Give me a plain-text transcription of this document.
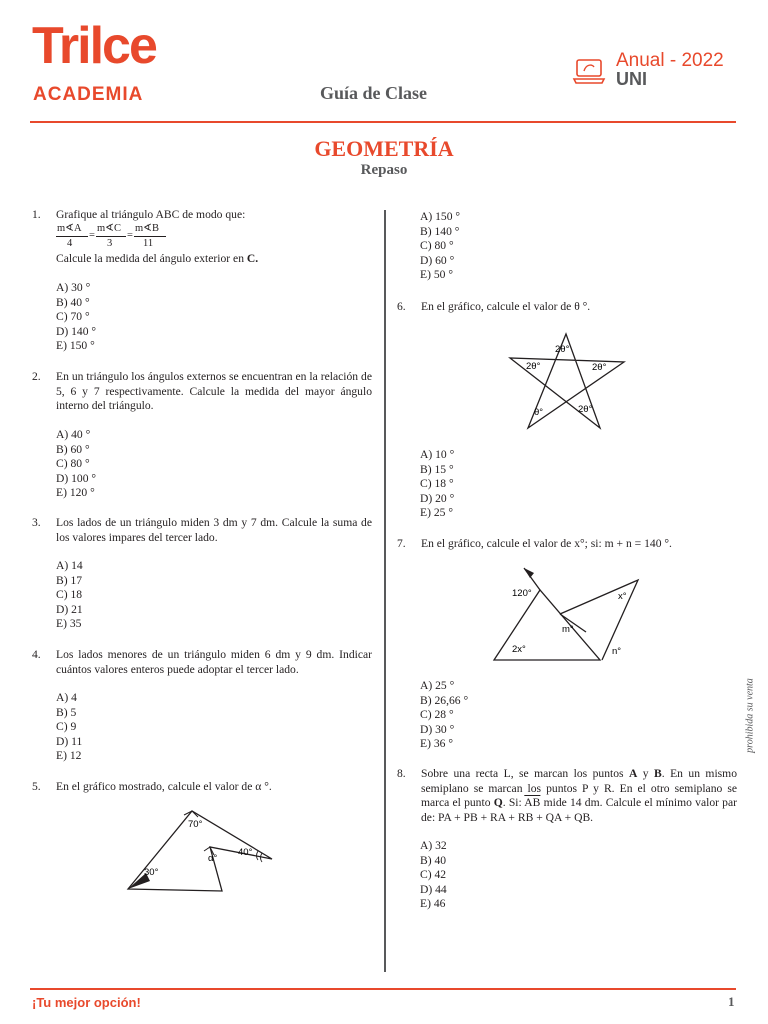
Trilce
ACADEMIA
Anual - 2022
UNI
Guía de Clase
GEOMETRÍA
Repaso
1. Grafique al triángulo ABC de modo que:
m∢A
4
=
m∢C
3
=
m∢B
11
Calcule la medida del ángulo exterior en C.
A) 30 °
B) 40 °
C) 70 °
D) 140 °
E) 150 °
2. En un triángulo los ángulos externos se encuentran en la relación de 5, 6 y 7 respectivamente. Calcule la medida del mayor ángulo interno del triángulo.
A) 40 °
B) 60 °
C) 80 °
D) 100 °
E) 120 °
3. Los lados de un triángulo miden 3 dm y 7 dm. Calcule la suma de los valores impares del tercer lado.
A) 14
B) 17
C) 18
D) 21
E) 35
4. Los lados menores de un triángulo miden 6 dm y 9 dm. Indicar cuántos valores enteros puede adoptar el tercer lado.
A) 4
B) 5
C) 9
D) 11
E) 12
5. En el gráfico mostrado, calcule el valor de α °.
70°
40°
30°
α°
A) 150 °
B) 140 °
C) 80 °
D) 60 °
E) 50 °
6. En el gráfico, calcule el valor de θ °.
2θ°
2θ°	2θ°
θ°	2θ°
A) 10 °
B) 15 °
C) 18 °
D) 20 °
E) 25 °
7. En el gráfico, calcule el valor de x°; si: m + n = 140 °.
120°	x°
m°
2x°	n°
A) 25 °
B) 26,66 °
C) 28 °
D) 30 °
E) 36 °
8. Sobre una recta L, se marcan los puntos A y B. En un mismo semiplano se marcan los puntos P y R. En el otro semiplano se marca el punto Q. Si: $\overline{AB}$ mide 14 dm. Calcule el mínimo valor par de: PA + PB + RA + RB + QA + QB.
A) 32
B) 40
C) 42
D) 44
E) 46
prohibida su venta
¡Tu mejor opción!	1
